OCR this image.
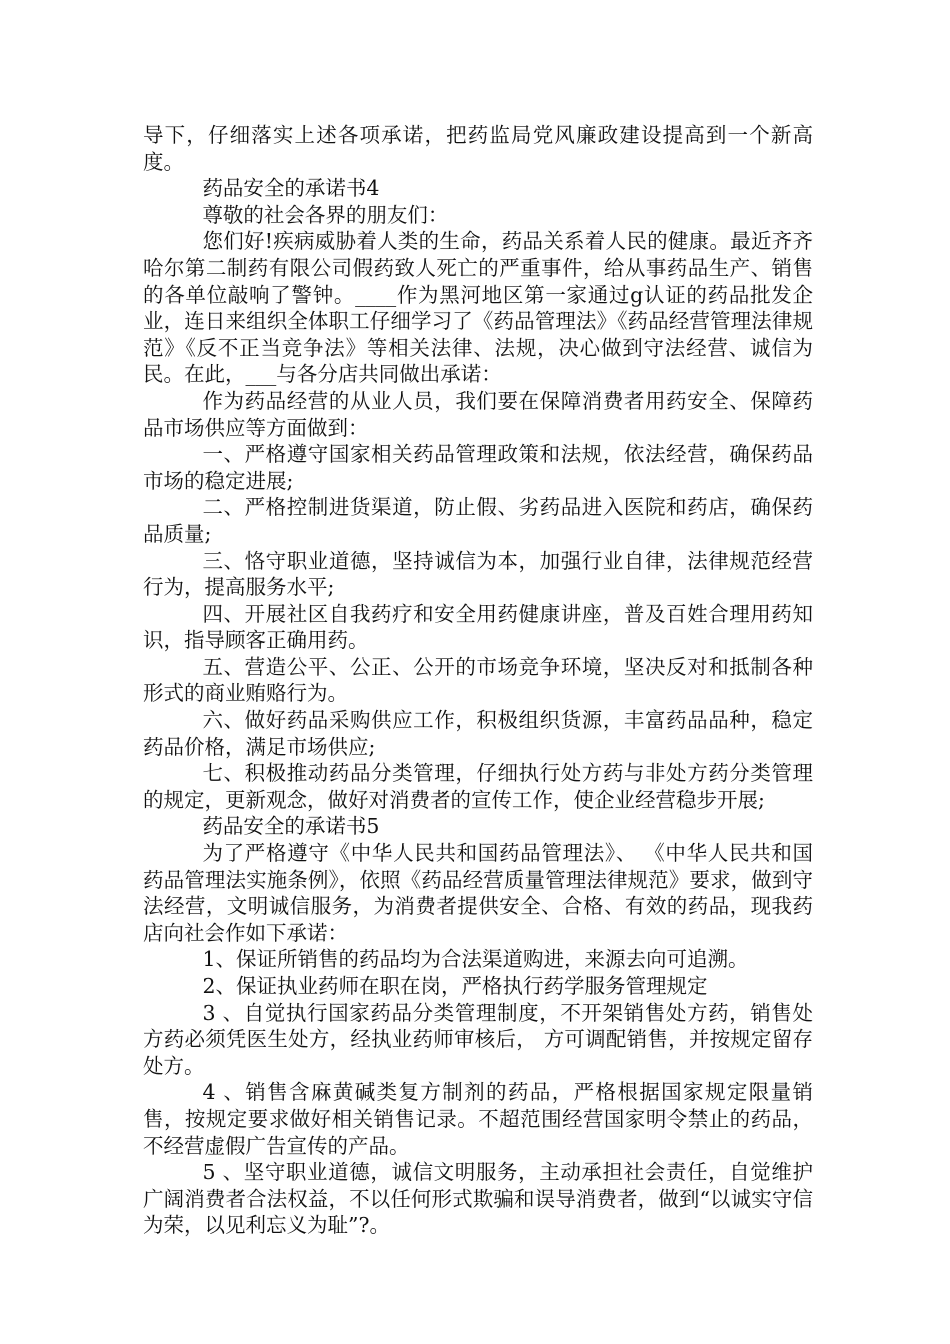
导下，仔细落实上述各项承诺，把药监局党风廉政建设提高到一个新高度。

药品安全的承诺书4

尊敬的社会各界的朋友们：

您们好!疾病威胁着人类的生命，药品关系着人民的健康。最近齐齐哈尔第二制药有限公司假药致人死亡的严重事件，给从事药品生产、销售的各单位敲响了警钟。____作为黑河地区第一家通过g认证的药品批发企业，连日来组织全体职工仔细学习了《药品管理法》《药品经营管理法律规范》《反不正当竞争法》等相关法律、法规，决心做到守法经营、诚信为民。在此，___与各分店共同做出承诺：

作为药品经营的从业人员，我们要在保障消费者用药安全、保障药品市场供应等方面做到：

一、严格遵守国家相关药品管理政策和法规，依法经营，确保药品市场的稳定进展;

二、严格控制进货渠道，防止假、劣药品进入医院和药店，确保药品质量;

三、恪守职业道德，坚持诚信为本，加强行业自律，法律规范经营行为，提高服务水平;

四、开展社区自我药疗和安全用药健康讲座，普及百姓合理用药知识，指导顾客正确用药。

五、营造公平、公正、公开的市场竞争环境，坚决反对和抵制各种形式的商业贿赂行为。

六、做好药品采购供应工作，积极组织货源，丰富药品品种，稳定药品价格，满足市场供应;

七、积极推动药品分类管理，仔细执行处方药与非处方药分类管理的规定，更新观念，做好对消费者的宣传工作，使企业经营稳步开展;

药品安全的承诺书5

为了严格遵守《中华人民共和国药品管理法》、 《中华人民共和国药品管理法实施条例》，依照《药品经营质量管理法律规范》要求，做到守法经营，文明诚信服务，为消费者提供安全、合格、有效的药品，现我药店向社会作如下承诺：

1、保证所销售的药品均为合法渠道购进，来源去向可追溯。

2、保证执业药师在职在岗，严格执行药学服务管理规定

3 、自觉执行国家药品分类管理制度，不开架销售处方药，销售处方药必须凭医生处方，经执业药师审核后， 方可调配销售，并按规定留存处方。

4 、销售含麻黄碱类复方制剂的药品，严格根据国家规定限量销售，按规定要求做好相关销售记录。不超范围经营国家明令禁止的药品，不经营虚假广告宣传的产品。

5 、坚守职业道德，诚信文明服务，主动承担社会责任，自觉维护广阔消费者合法权益，不以任何形式欺骗和误导消费者，做到“以诚实守信为荣，以见利忘义为耻”?。
